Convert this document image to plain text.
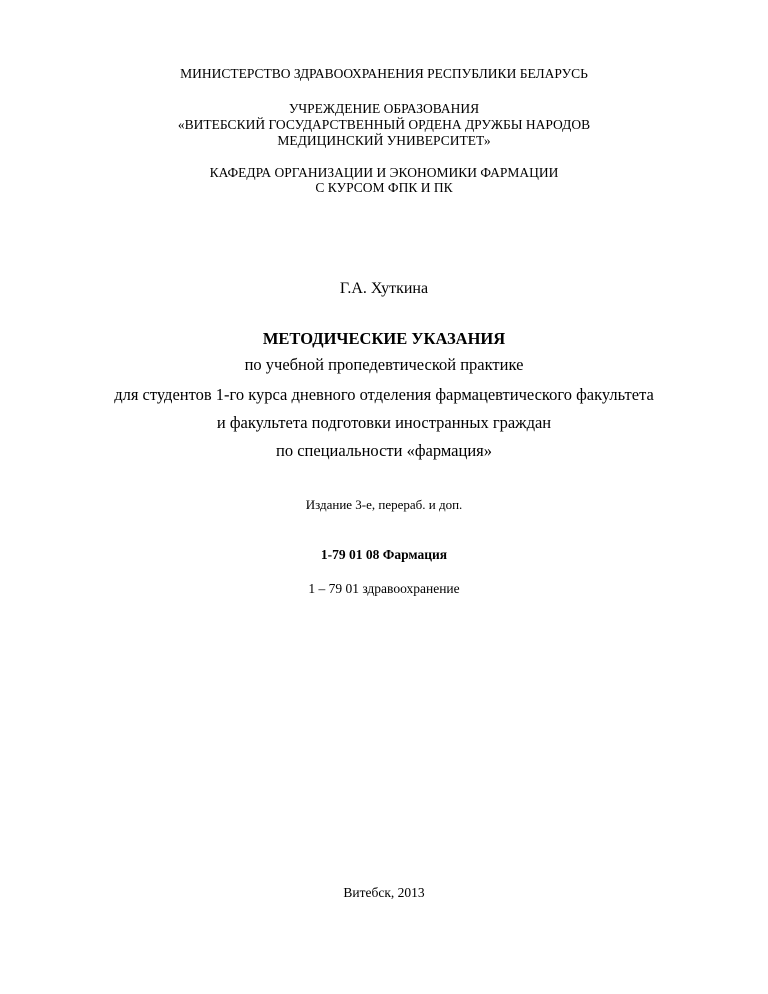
МИНИСТЕРСТВО ЗДРАВООХРАНЕНИЯ РЕСПУБЛИКИ БЕЛАРУСЬ
УЧРЕЖДЕНИЕ ОБРАЗОВАНИЯ
«ВИТЕБСКИЙ ГОСУДАРСТВЕННЫЙ ОРДЕНА ДРУЖБЫ НАРОДОВ
МЕДИЦИНСКИЙ УНИВЕРСИТЕТ»
КАФЕДРА ОРГАНИЗАЦИИ И ЭКОНОМИКИ ФАРМАЦИИ
С КУРСОМ ФПК И ПК
Г.А. Хуткина
МЕТОДИЧЕСКИЕ УКАЗАНИЯ
по учебной пропедевтической практике
для студентов 1-го курса дневного отделения фармацевтического факультета
и факультета подготовки иностранных граждан
по специальности «фармация»
Издание 3-е, перераб. и доп.
1-79 01 08 Фармация
1 – 79 01 здравоохранение
Витебск, 2013
